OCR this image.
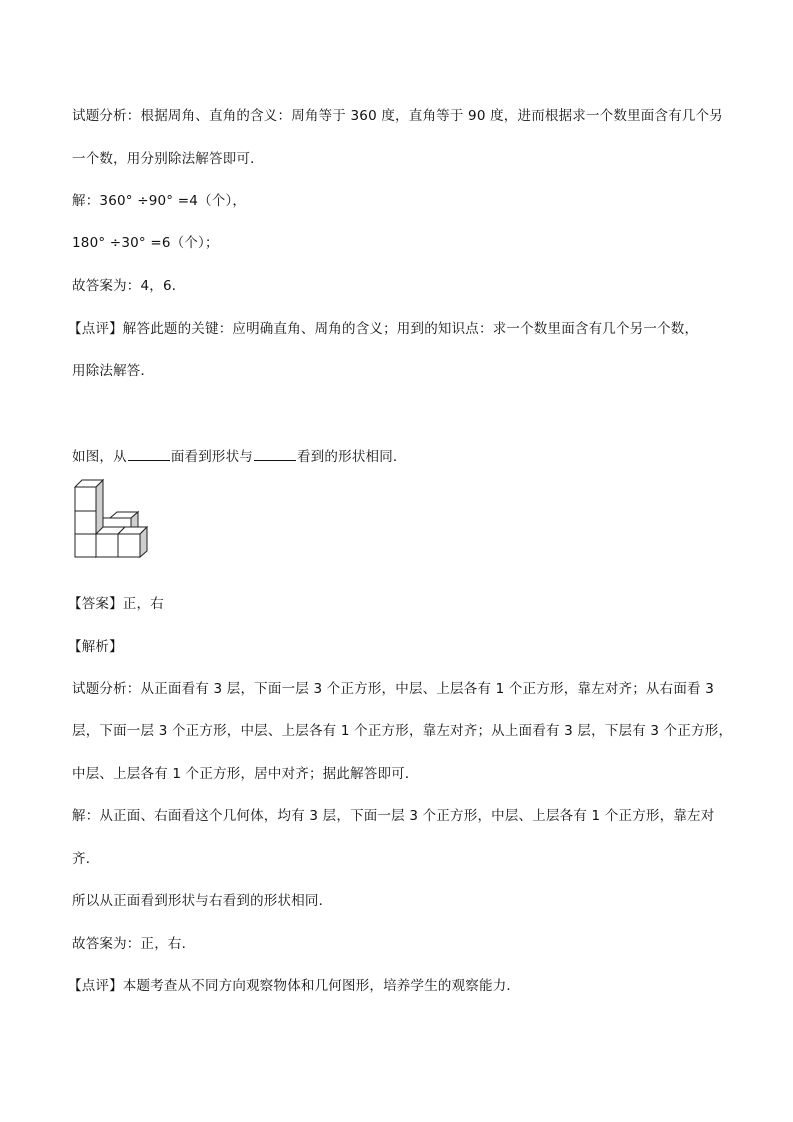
试题分析：根据周角、直角的含义：周角等于 360 度，直角等于 90 度，进而根据求一个数里面含有几个另
一个数，用分别除法解答即可．
解：360° ÷90° =4（个），
180° ÷30° =6（个）；
故答案为：4，6．
【点评】解答此题的关键：应明确直角、周角的含义；用到的知识点：求一个数里面含有几个另一个数，
用除法解答．
如图，从	面看到形状与	看到的形状相同．
【答案】正，右
【解析】
试题分析：从正面看有 3 层，下面一层 3 个正方形，中层、上层各有 1 个正方形，靠左对齐；从右面看 3
层，下面一层 3 个正方形，中层、上层各有 1 个正方形，靠左对齐；从上面看有 3 层，下层有 3 个正方形，
中层、上层各有 1 个正方形，居中对齐；据此解答即可．
解：从正面、右面看这个几何体，均有 3 层，下面一层 3 个正方形，中层、上层各有 1 个正方形，靠左对
齐．
所以从正面看到形状与右看到的形状相同．
故答案为：正，右．
【点评】本题考查从不同方向观察物体和几何图形，培养学生的观察能力．
